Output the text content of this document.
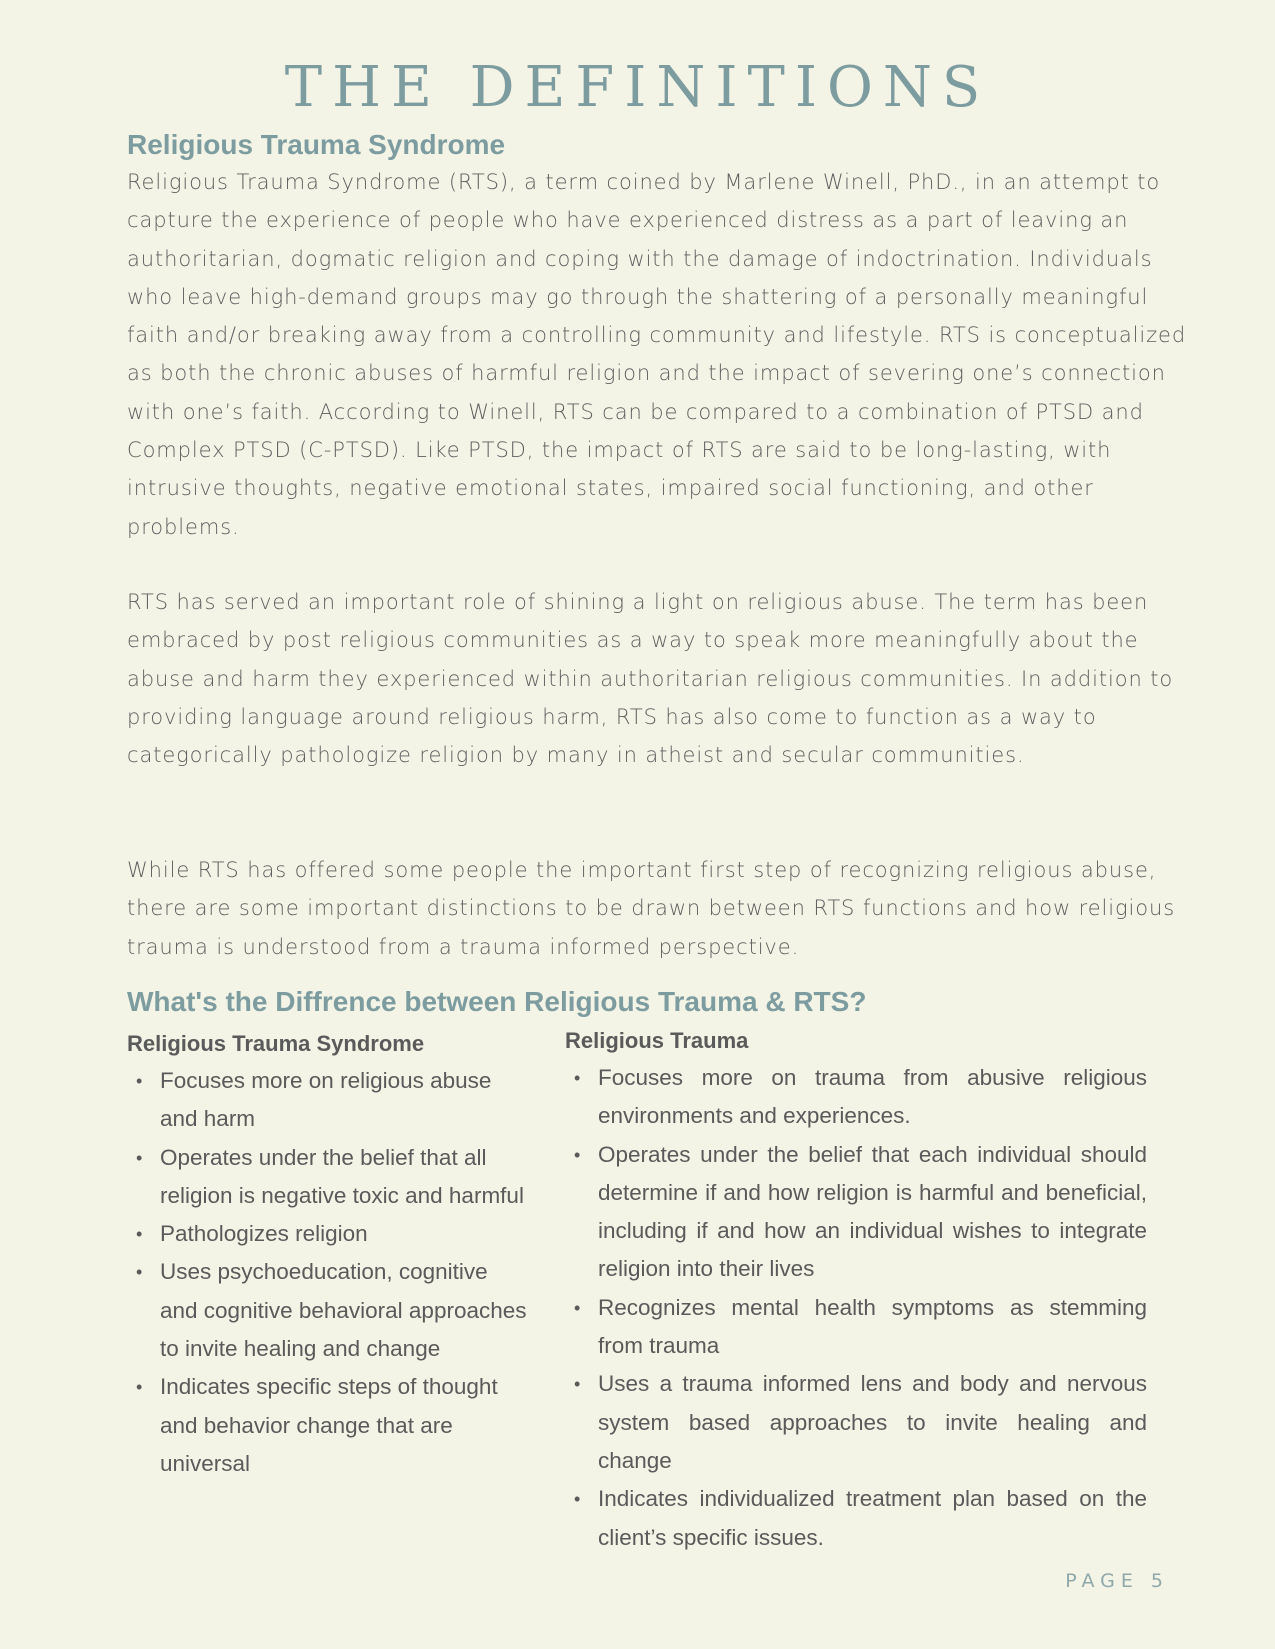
THE DEFINITIONS
Religious Trauma Syndrome

Religious Trauma Syndrome (RTS), a term coined by Marlene Winell, PhD., in an attempt to capture the experience of people who have experienced distress as a part of leaving an authoritarian, dogmatic religion and coping with the damage of indoctrination. Individuals who leave high-demand groups may go through the shattering of a personally meaningful faith and/or breaking away from a controlling community and lifestyle. RTS is conceptualized as both the chronic abuses of harmful religion and the impact of severing one’s connection with one’s faith. According to Winell, RTS can be compared to a combination of PTSD and Complex PTSD (C-PTSD). Like PTSD, the impact of RTS are said to be long-lasting, with intrusive thoughts, negative emotional states, impaired social functioning, and other problems.

RTS has served an important role of shining a light on religious abuse. The term has been embraced by post religious communities as a way to speak more meaningfully about the abuse and harm they experienced within authoritarian religious communities. In addition to providing language around religious harm, RTS has also come to function as a way to categorically pathologize religion by many in atheist and secular communities.

While RTS has offered some people the important first step of recognizing religious abuse, there are some important distinctions to be drawn between RTS functions and how religious trauma is understood from a trauma informed perspective.

What's the Diffrence between Religious Trauma & RTS?
Religious Trauma Syndrome
• Focuses more on religious abuse and harm
• Operates under the belief that all religion is negative toxic and harmful
• Pathologizes religion
• Uses psychoeducation, cognitive and cognitive behavioral approaches to invite healing and change
• Indicates specific steps of thought and behavior change that are universal
Religious Trauma
• Focuses more on trauma from abusive religious environments and experiences.
• Operates under the belief that each individual should determine if and how religion is harmful and beneficial, including if and how an individual wishes to integrate religion into their lives
• Recognizes mental health symptoms as stemming from trauma
• Uses a trauma informed lens and body and nervous system based approaches to invite healing and change
• Indicates individualized treatment plan based on the client’s specific issues.

PAGE 5
